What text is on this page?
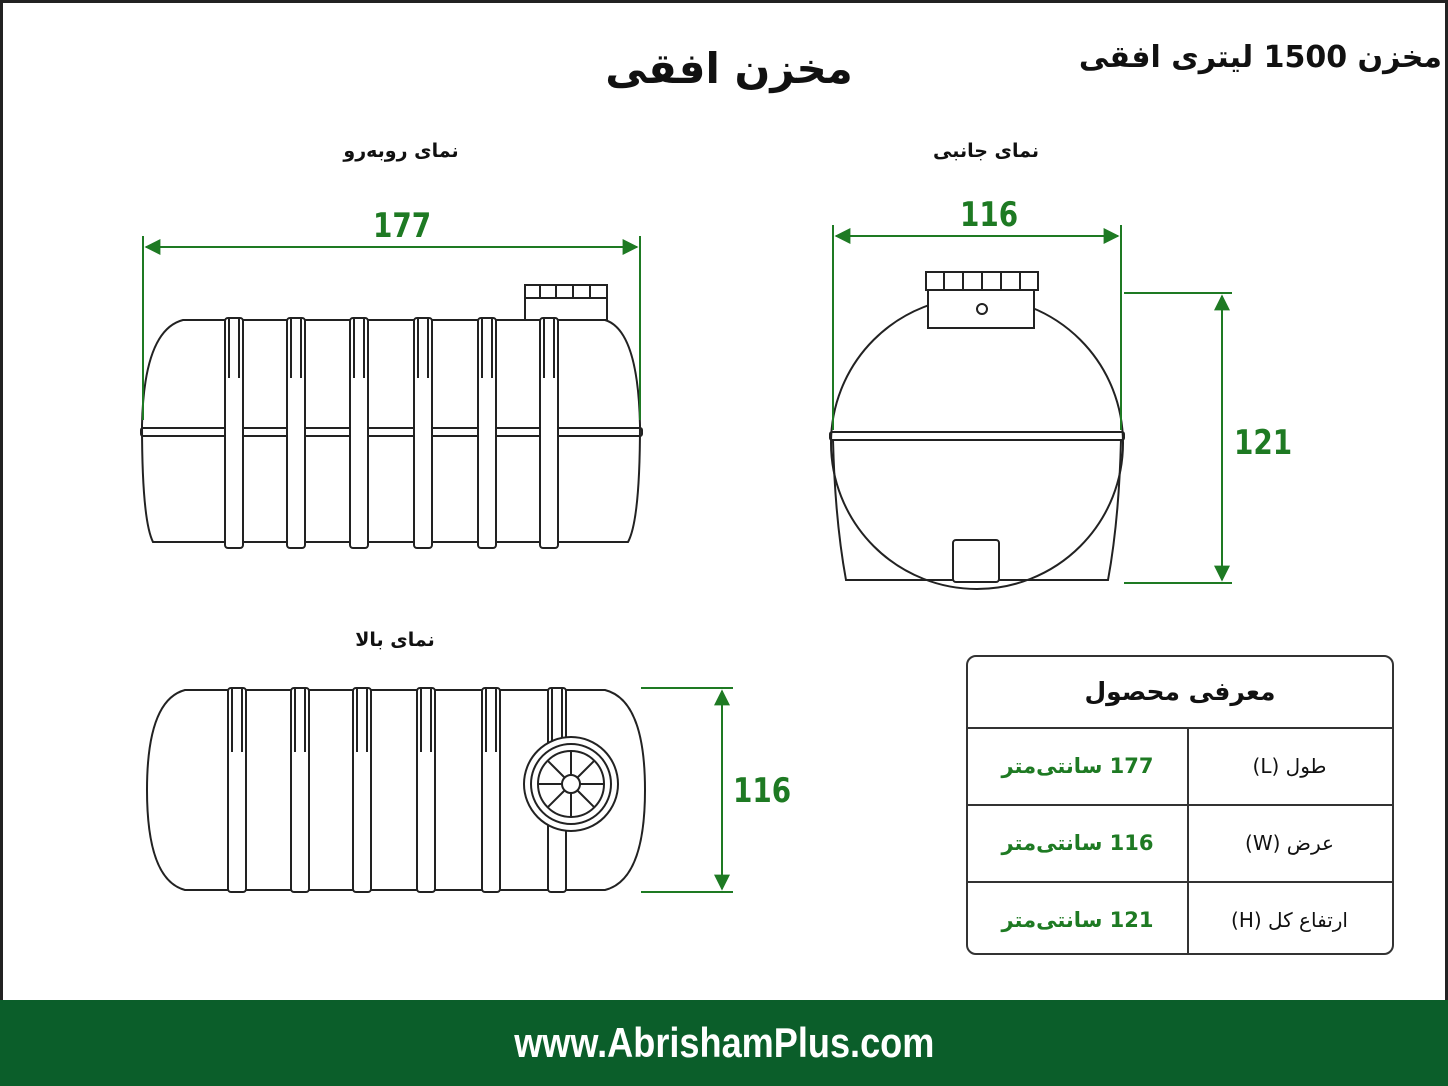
مخزن افقی	مخزن 1500 لیتری افقی
نمای روبه‌رو	نمای جانبی
نمای بالا
177	116
121
116
معرفی محصول
طول (L)
177 سانتی‌متر
عرض (W)
116 سانتی‌متر
ارتفاع کل (H)
121 سانتی‌متر
www.AbrishamPlus.com
